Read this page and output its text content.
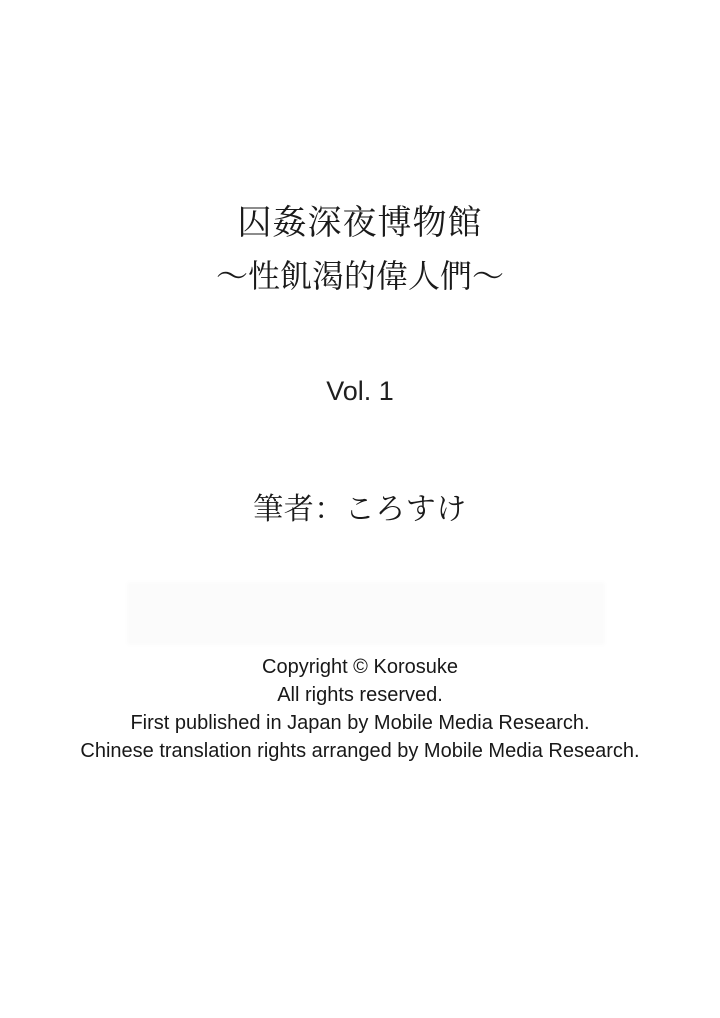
囚姦深夜博物館
～性飢渴的偉人們～
Vol. 1
筆者：ころすけ
Copyright © Korosuke
All rights reserved.
First published in Japan by Mobile Media Research.
Chinese translation rights arranged by Mobile Media Research.
